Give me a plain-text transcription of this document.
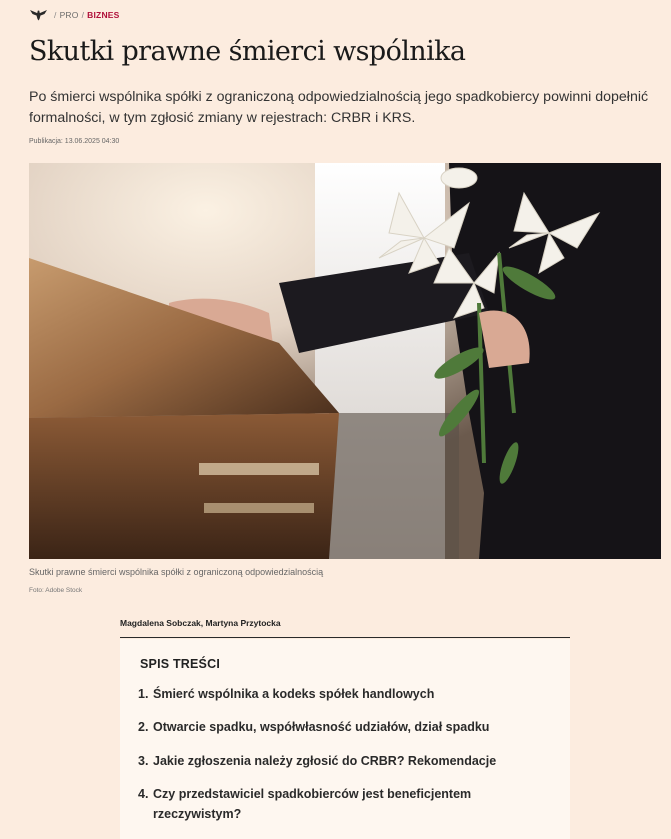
/ PRO / BIZNES
Skutki prawne śmierci wspólnika

Po śmierci wspólnika spółki z ograniczoną odpowiedzialnością jego spadkobiercy powinni dopełnić formalności, w tym zgłosić zmiany w rejestrach: CRBR i KRS.

Publikacja: 13.06.2025 04:30
Skutki prawne śmierci wspólnika spółki z ograniczoną odpowiedzialnością
Foto: Adobe Stock
Magdalena Sobczak, Martyna Przytocka
SPIS TREŚCI
1. Śmierć wspólnika a kodeks spółek handlowych
2. Otwarcie spadku, współwłasność udziałów, dział spadku
3. Jakie zgłoszenia należy zgłosić do CRBR? Rekomendacje
4. Czy przedstawiciel spadkobierców jest beneficjentem rzeczywistym?
